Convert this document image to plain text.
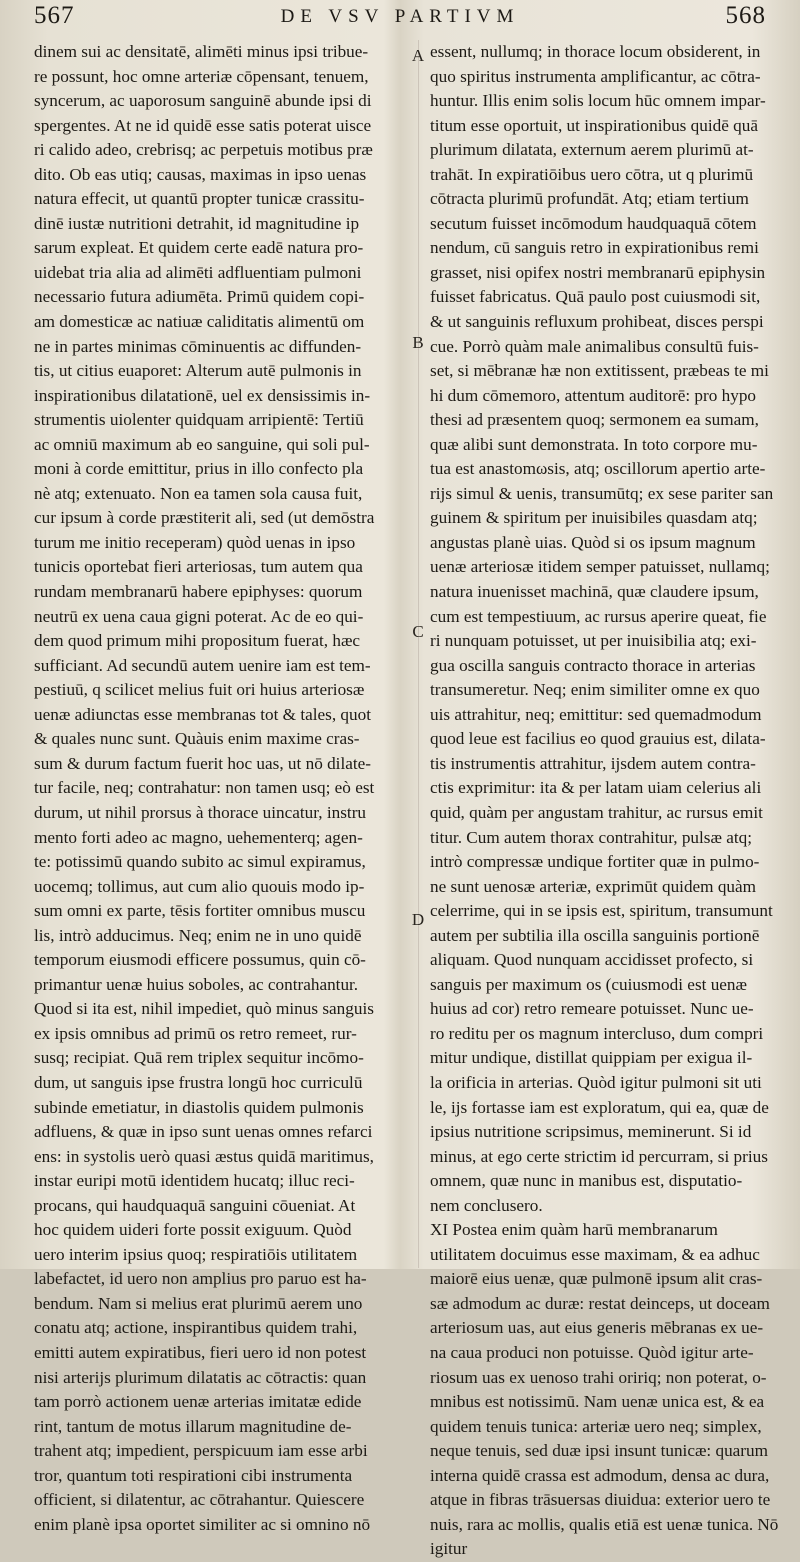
567	DE VSV PARTIVM	568
dinem sui ac densitatē, alimēti minus ipsi tribue-
re possunt, hoc omne arteriæ cōpensant, tenuem,
syncerum, ac uaporosum sanguinē abunde ipsi di
spergentes. At ne id quidē esse satis poterat uisce
ri calido adeo, crebrisq; ac perpetuis motibus præ
dito. Ob eas utiq; causas, maximas in ipso uenas
natura effecit, ut quantū propter tunicæ crassitu-
dinē iustæ nutritioni detrahit, id magnitudine ip
sarum expleat. Et quidem certe eadē natura pro-
uidebat tria alia ad alimēti adfluentiam pulmoni
necessario futura adiumēta. Primū quidem copi-
am domesticæ ac natiuæ caliditatis alimentū om
ne in partes minimas cōminuentis ac diffunden-
tis, ut citius euaporet: Alterum autē pulmonis in
inspirationibus dilatationē, uel ex densissimis in-
strumentis uiolenter quidquam arripientē: Tertiū
ac omniū maximum ab eo sanguine, qui soli pul-
moni à corde emittitur, prius in illo confecto pla
nè atq; extenuato. Non ea tamen sola causa fuit,
cur ipsum à corde præstiterit ali, sed (ut demōstra
turum me initio receperam) quòd uenas in ipso
tunicis oportebat fieri arteriosas, tum autem qua
rundam membranarū habere epiphyses: quorum
neutrū ex uena caua gigni poterat. Ac de eo qui-
dem quod primum mihi propositum fuerat, hæc
sufficiant. Ad secundū autem uenire iam est tem-
pestiuū, q scilicet melius fuit ori huius arteriosæ
uenæ adiunctas esse membranas tot & tales, quot
& quales nunc sunt. Quàuis enim maxime cras-
sum & durum factum fuerit hoc uas, ut nō dilate-
tur facile, neq; contrahatur: non tamen usq; eò est
durum, ut nihil prorsus à thorace uincatur, instru
mento forti adeo ac magno, uehementerq; agen-
te: potissimū quando subito ac simul expiramus,
uocemq; tollimus, aut cum alio quouis modo ip-
sum omni ex parte, tēsis fortiter omnibus muscu
lis, intrò adducimus. Neq; enim ne in uno quidē
temporum eiusmodi efficere possumus, quin cō-
primantur uenæ huius soboles, ac contrahantur.
Quod si ita est, nihil impediet, quò minus sanguis
ex ipsis omnibus ad primū os retro remeet, rur-
susq; recipiat. Quā rem triplex sequitur incōmo-
dum, ut sanguis ipse frustra longū hoc curriculū
subinde emetiatur, in diastolis quidem pulmonis
adfluens, & quæ in ipso sunt uenas omnes refarci
ens: in systolis uerò quasi æstus quidā maritimus,
instar euripi motū identidem hucatq; illuc reci-
procans, qui haudquaquā sanguini cōueniat. At
hoc quidem uideri forte possit exiguum. Quòd
uero interim ipsius quoq; respiratiōis utilitatem
labefactet, id uero non amplius pro paruo est ha-
bendum. Nam si melius erat plurimū aerem uno
conatu atq; actione, inspirantibus quidem trahi,
emitti autem expiratibus, fieri uero id non potest
nisi arterijs plurimum dilatatis ac cōtractis: quan
tam porrò actionem uenæ arterias imitatæ edide
rint, tantum de motus illarum magnitudine de-
trahent atq; impedient, perspicuum iam esse arbi
tror, quantum toti respirationi cibi instrumenta
officient, si dilatentur, ac cōtrahantur. Quiescere
enim planè ipsa oportet similiter ac si omnino nō
essent, nullumq; in thorace locum obsiderent, in
quo spiritus instrumenta amplificantur, ac cōtra-
huntur. Illis enim solis locum hūc omnem impar-
titum esse oportuit, ut inspirationibus quidē quā
plurimum dilatata, externum aerem plurimū at-
trahāt. In expiratiōibus uero cōtra, ut q plurimū
cōtracta plurimū profundāt. Atq; etiam tertium
secutum fuisset incōmodum haudquaquā cōtem
nendum, cū sanguis retro in expirationibus remi
grasset, nisi opifex nostri membranarū epiphysin
fuisset fabricatus. Quā paulo post cuiusmodi sit,
& ut sanguinis refluxum prohibeat, disces perspi
cue. Porrò quàm male animalibus consultū fuis-
set, si mēbranæ hæ non extitissent, præbeas te mi
hi dum cōmemoro, attentum auditorē: pro hypo
thesi ad præsentem quoq; sermonem ea sumam,
quæ alibi sunt demonstrata. In toto corpore mu-
tua est anastomωsis, atq; oscillorum apertio arte-
rijs simul & uenis, transumūtq; ex sese pariter san
guinem & spiritum per inuisibiles quasdam atq;
angustas planè uias. Quòd si os ipsum magnum
uenæ arteriosæ itidem semper patuisset, nullamq;
natura inuenisset machinā, quæ claudere ipsum,
cum est tempestiuum, ac rursus aperire queat, fie
ri nunquam potuisset, ut per inuisibilia atq; exi-
gua oscilla sanguis contracto thorace in arterias
transumeretur. Neq; enim similiter omne ex quo
uis attrahitur, neq; emittitur: sed quemadmodum
quod leue est facilius eo quod grauius est, dilata-
tis instrumentis attrahitur, ijsdem autem contra-
ctis exprimitur: ita & per latam uiam celerius ali
quid, quàm per angustam trahitur, ac rursus emit
titur. Cum autem thorax contrahitur, pulsæ atq;
intrò compressæ undique fortiter quæ in pulmo-
ne sunt uenosæ arteriæ, exprimūt quidem quàm
celerrime, qui in se ipsis est, spiritum, transumunt
autem per subtilia illa oscilla sanguinis portionē
aliquam. Quod nunquam accidisset profecto, si
sanguis per maximum os (cuiusmodi est uenæ
huius ad cor) retro remeare potuisset. Nunc ue-
ro reditu per os magnum intercluso, dum compri
mitur undique, distillat quippiam per exigua il-
la orificia in arterias. Quòd igitur pulmoni sit uti
le, ijs fortasse iam est exploratum, qui ea, quæ de
ipsius nutritione scripsimus, meminerunt. Si id
minus, at ego certe strictim id percurram, si prius
omnem, quæ nunc in manibus est, disputatio-
nem conclusero.
XI Postea enim quàm harū membranarum
utilitatem docuimus esse maximam, & ea adhuc
maiorē eius uenæ, quæ pulmonē ipsum alit cras-
sæ admodum ac duræ: restat deinceps, ut doceam
arteriosum uas, aut eius generis mēbranas ex ue-
na caua produci non potuisse. Quòd igitur arte-
riosum uas ex uenoso trahi oririq; non poterat, o-
mnibus est notissimū. Nam uenæ unica est, & ea
quidem tenuis tunica: arteriæ uero neq; simplex,
neque tenuis, sed duæ ipsi insunt tunicæ: quarum
interna quidē crassa est admodum, densa ac dura,
atque in fibras trāsuersas diuidua: exterior uero te
nuis, rara ac mollis, qualis etiā est uenæ tunica. Nō
igitur
A
B
C
D
